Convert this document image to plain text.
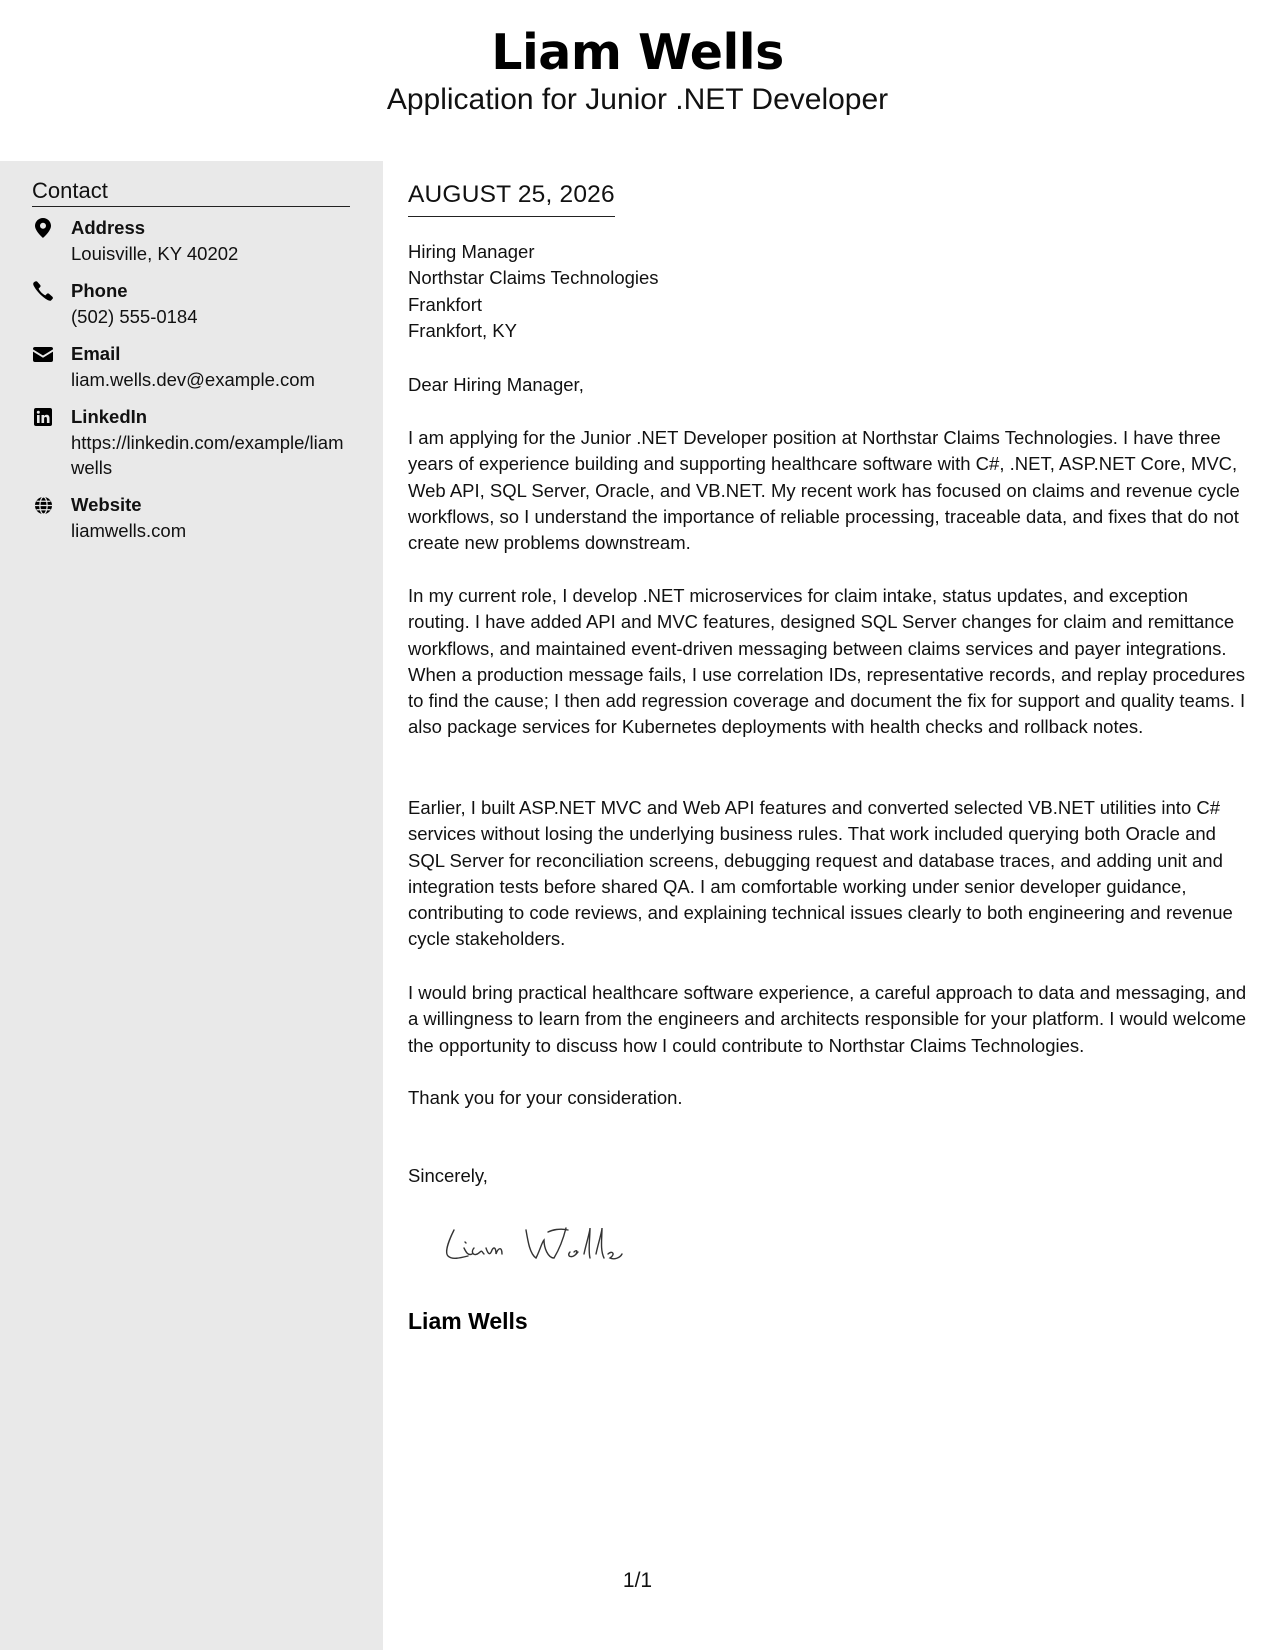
Liam Wells
Application for Junior .NET Developer
Contact
Address
Louisville, KY 40202
Phone
(502) 555-0184
Email
liam.wells.dev@example.com
LinkedIn
https://linkedin.com/example/liamwells
Website
liamwells.com
AUGUST 25, 2026
Hiring Manager
Northstar Claims Technologies
Frankfort
Frankfort, KY
Dear Hiring Manager,
I am applying for the Junior .NET Developer position at Northstar Claims Technologies. I have three years of experience building and supporting healthcare software with C#, .NET, ASP.NET Core, MVC, Web API, SQL Server, Oracle, and VB.NET. My recent work has focused on claims and revenue cycle workflows, so I understand the importance of reliable processing, traceable data, and fixes that do not create new problems downstream.
In my current role, I develop .NET microservices for claim intake, status updates, and exception routing. I have added API and MVC features, designed SQL Server changes for claim and remittance workflows, and maintained event-driven messaging between claims services and payer integrations. When a production message fails, I use correlation IDs, representative records, and replay procedures to find the cause; I then add regression coverage and document the fix for support and quality teams. I also package services for Kubernetes deployments with health checks and rollback notes.
Earlier, I built ASP.NET MVC and Web API features and converted selected VB.NET utilities into C# services without losing the underlying business rules. That work included querying both Oracle and SQL Server for reconciliation screens, debugging request and database traces, and adding unit and integration tests before shared QA. I am comfortable working under senior developer guidance, contributing to code reviews, and explaining technical issues clearly to both engineering and revenue cycle stakeholders.
I would bring practical healthcare software experience, a careful approach to data and messaging, and a willingness to learn from the engineers and architects responsible for your platform. I would welcome the opportunity to discuss how I could contribute to Northstar Claims Technologies.
Thank you for your consideration.
Sincerely,
Liam Wells
1/1
